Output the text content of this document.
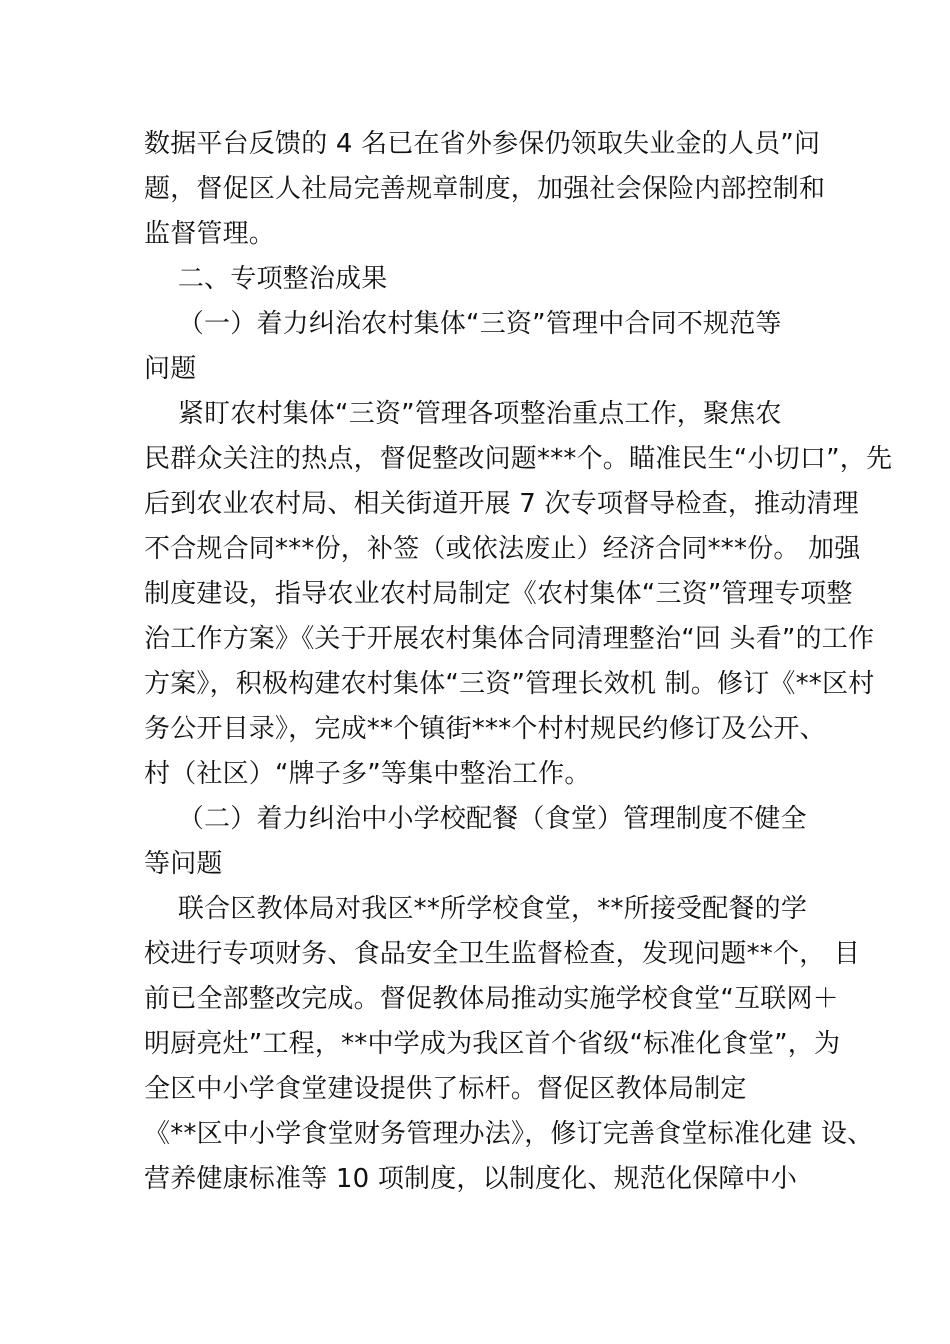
数据平台反馈的 4 名已在省外参保仍领取失业金的人员”问
题，督促区人社局完善规章制度，加强社会保险内部控制和
监督管理。
二、专项整治成果
（一）着力纠治农村集体“三资”管理中合同不规范等
问题
紧盯农村集体“三资”管理各项整治重点工作，聚焦农
民群众关注的热点，督促整改问题***个。瞄准民生“小切口”，先
后到农业农村局、相关街道开展 7 次专项督导检查，推动清理
不合规合同***份，补签（或依法废止）经济合同***份。 加强
制度建设，指导农业农村局制定《农村集体“三资”管理专项整
治工作方案》《关于开展农村集体合同清理整治“回 头看”的工作
方案》，积极构建农村集体“三资”管理长效机 制。修订《**区村
务公开目录》，完成**个镇街***个村村规民约修订及公开、
村（社区）“牌子多”等集中整治工作。
（二）着力纠治中小学校配餐（食堂）管理制度不健全
等问题
联合区教体局对我区**所学校食堂，**所接受配餐的学
校进行专项财务、食品安全卫生监督检查，发现问题**个， 目
前已全部整改完成。督促教体局推动实施学校食堂“互联网＋
明厨亮灶”工程，**中学成为我区首个省级“标准化食堂”，为
全区中小学食堂建设提供了标杆。督促区教体局制定
《**区中小学食堂财务管理办法》，修订完善食堂标准化建 设、
营养健康标准等 10 项制度，以制度化、规范化保障中小
